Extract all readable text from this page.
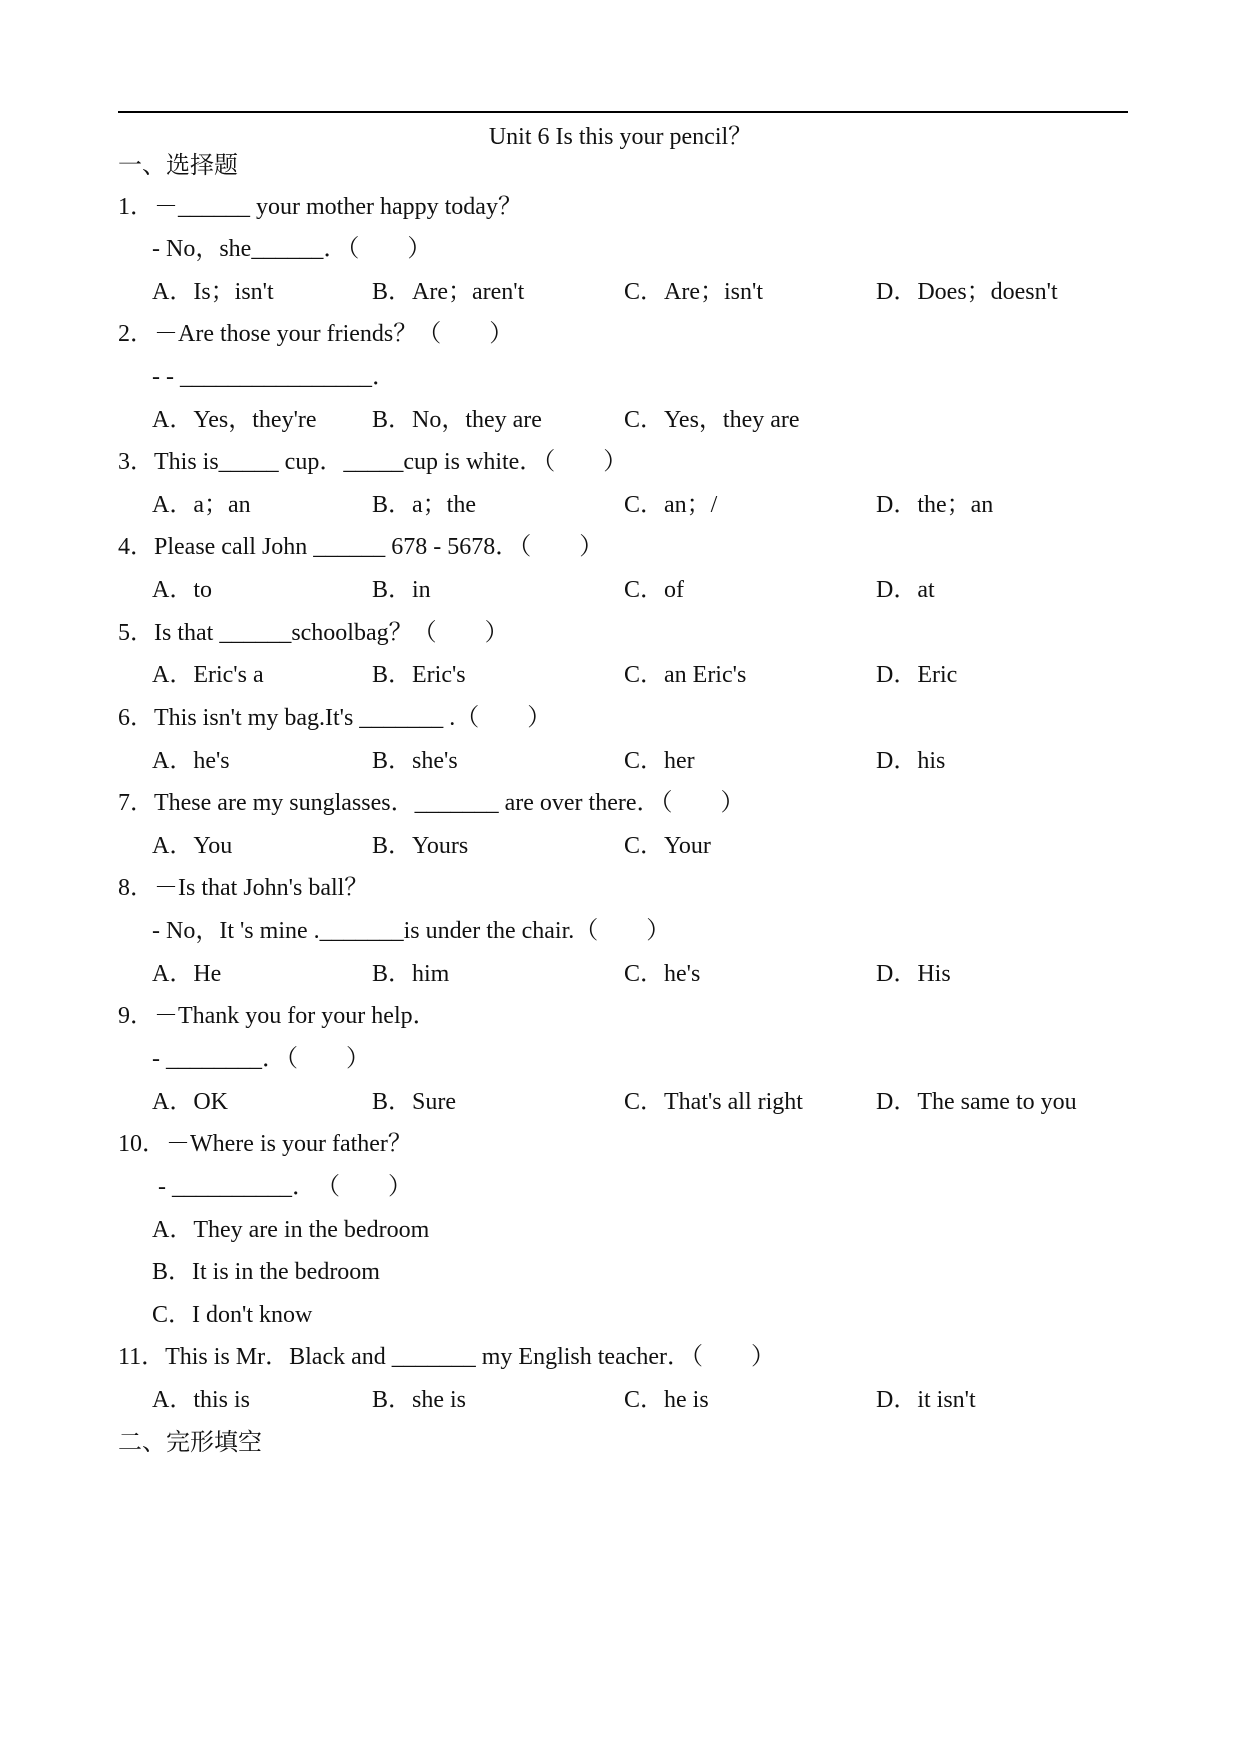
Unit 6 Is this your pencil？
一、选择题
1．－______ your mother happy today？
- No，she______．（　　）
A．Is；isn't	B．Are；aren't	C．Are；isn't	D．Does；doesn't
2．－Are those your friends？（　　）
- - ________________．
A．Yes，they're B．No，they are	C．Yes，they are
3．This is_____ cup．_____cup is white．（　　）
A．a；an	B．a；the	C．an；/	D．the；an
4．Please call John ______ 678 - 5678．（　　）
A．to	B．in	C．of	D．at
5．Is that ______schoolbag？（　　）
A．Eric's a	B．Eric's	C．an Eric's	D．Eric
6．This isn't my bag.It's _______ .（　　）
A．he's	B．she's	C．her	D．his
7．These are my sunglasses．_______ are over there．（　　）
A．You	B．Yours	C．Your
8．－Is that John's ball？
- No，It 's mine ._______is under the chair.（　　）
A．He	B．him	C．he's	D．His
9．－Thank you for your help．
- ________．（　　）
A．OK	B．Sure	C．That's all right	D．The same to you
10．－Where is your father？
- __________．　（　　）
A．They are in the bedroom
B．It is in the bedroom
C．I don't know
11．This is Mr．Black and _______ my English teacher．（　　）
A．this is	B．she is	C．he is	D．it isn't
二、完形填空
